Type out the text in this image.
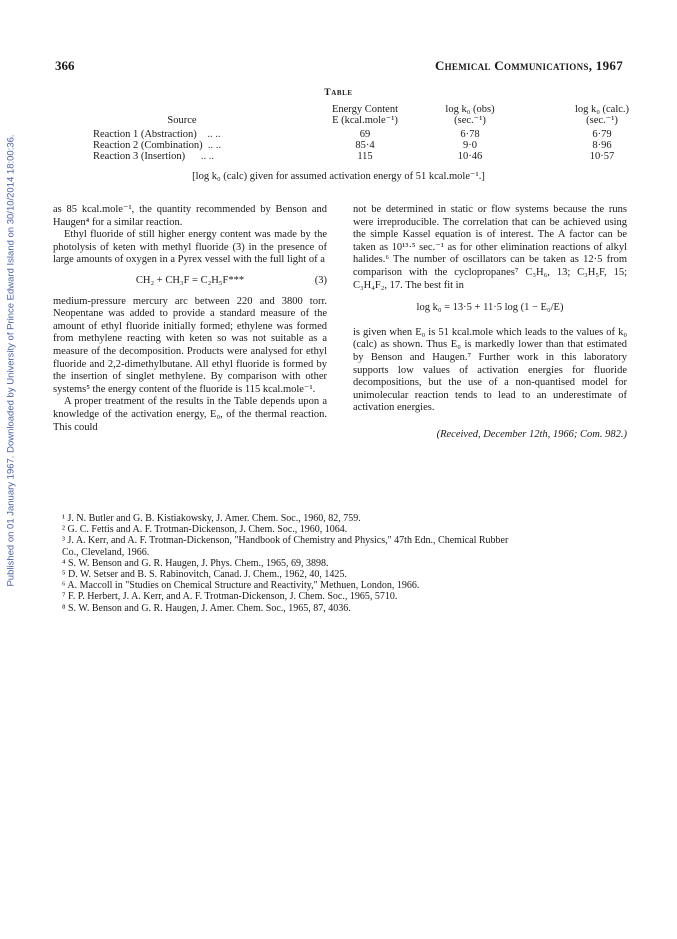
Published on 01 January 1967. Downloaded by University of Prince Edward Island on 30/10/2014 18:00:36.
366	Chemical Communications, 1967
Table
	Energy Content	log k₀ (obs)	log k₀ (calc.)
Source	E (kcal.mole⁻¹)	(sec.⁻¹)	(sec.⁻¹)
Reaction 1 (Abstraction) .. ..	69	6·78	6·79
Reaction 2 (Combination) .. ..	85·4	9·0	8·96
Reaction 3 (Insertion) .. ..	115	10·46	10·57
[log k₀ (calc) given for assumed activation energy of 51 kcal.mole⁻¹.]

as 85 kcal.mole⁻¹, the quantity recommended by Benson and Haugen⁴ for a similar reaction.

Ethyl fluoride of still higher energy content was made by the photolysis of keten with methyl fluoride (3) in the presence of large amounts of oxygen in a Pyrex vessel with the full light of a

CH₂ + CH₃F = C₂H₅F***	(3)

medium-pressure mercury arc between 220 and 3800 torr. Neopentane was added to provide a standard measure of the amount of ethyl fluoride initially formed; ethylene was formed from methylene reacting with keten so was not suitable as a measure of the decomposition. Products were analysed for ethyl fluoride and 2,2-dimethylbutane. All ethyl fluoride is formed by the insertion of singlet methylene. By comparison with other systems⁵ the energy content of the fluoride is 115 kcal.mole⁻¹.

A proper treatment of the results in the Table depends upon a knowledge of the activation energy, E₀, of the thermal reaction. This could

not be determined in static or flow systems because the runs were irreproducible. The correlation that can be achieved using the simple Kassel equation is of interest. The A factor can be taken as 10¹³·⁵ sec.⁻¹ as for other elimination reactions of alkyl halides.⁶ The number of oscillators can be taken as 12·5 from comparison with the cyclopropanes⁷ C₃H₆, 13; C₃H₅F, 15; C₃H₄F₂, 17. The best fit in

log k₀ = 13·5 + 11·5 log (1 − E₀/E)

is given when E₀ is 51 kcal.mole which leads to the values of k₀ (calc) as shown. Thus E₀ is markedly lower than that estimated by Benson and Haugen.⁷ Further work in this laboratory supports low values of activation energies for fluoride decompositions, but the use of a non-quantised model for unimolecular reaction tends to lead to an underestimate of activation energies.

(Received, December 12th, 1966; Com. 982.)

¹ J. N. Butler and G. B. Kistiakowsky, J. Amer. Chem. Soc., 1960, 82, 759.
² G. C. Fettis and A. F. Trotman-Dickenson, J. Chem. Soc., 1960, 1064.
³ J. A. Kerr, and A. F. Trotman-Dickenson, "Handbook of Chemistry and Physics," 47th Edn., Chemical Rubber
Co., Cleveland, 1966.
⁴ S. W. Benson and G. R. Haugen, J. Phys. Chem., 1965, 69, 3898.
⁵ D. W. Setser and B. S. Rabinovitch, Canad. J. Chem., 1962, 40, 1425.
⁶ A. Maccoll in "Studies on Chemical Structure and Reactivity," Methuen, London, 1966.
⁷ F. P. Herbert, J. A. Kerr, and A. F. Trotman-Dickenson, J. Chem. Soc., 1965, 5710.
⁸ S. W. Benson and G. R. Haugen, J. Amer. Chem. Soc., 1965, 87, 4036.
